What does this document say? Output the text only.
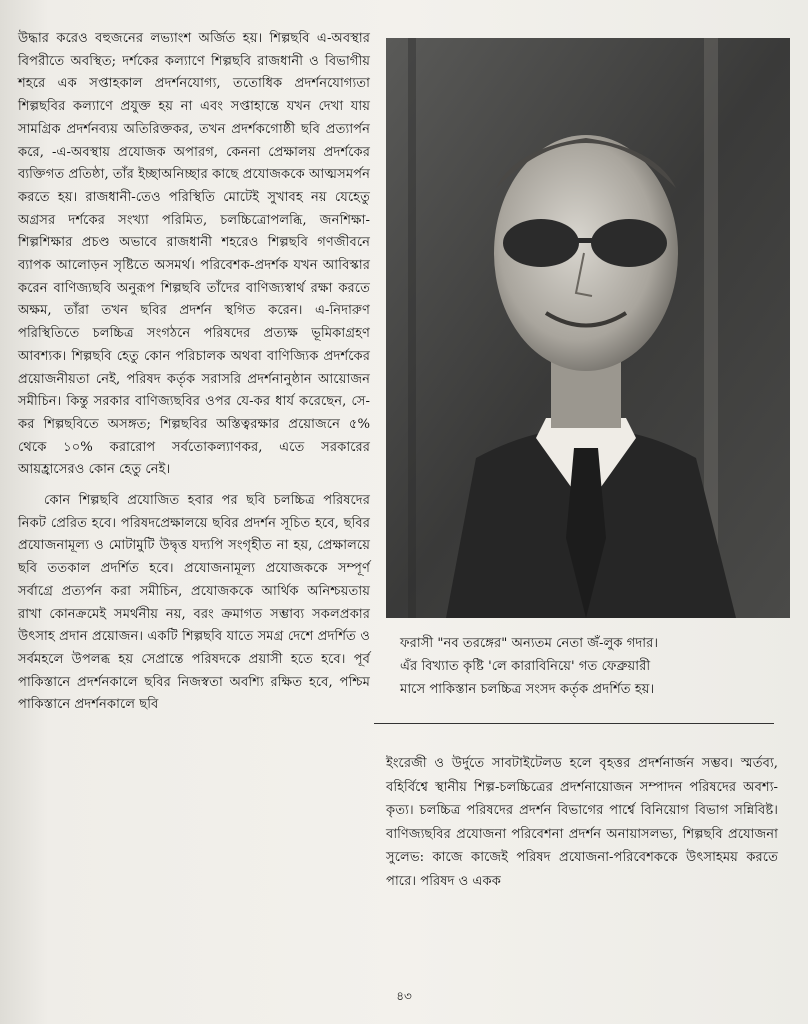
উদ্ধার করেও বহুজনের লভ্যাংশ অর্জিত হয়। শিল্পছবি এ-অবস্থার বিপরীতে অবস্থিত; দর্শকের কল্যাণে শিল্পছবি রাজধানী ও বিভাগীয় শহরে এক সপ্তাহকাল প্রদর্শনযোগ্য, ততোধিক প্রদর্শনযোগ্যতা শিল্পছবির কল্যাণে প্রযুক্ত হয় না এবং সপ্তাহান্তে যখন দেখা যায় সামগ্রিক প্রদর্শনব্যয় অতিরিক্তকর, তখন প্রদর্শকগোষ্ঠী ছবি প্রত্যার্পন করে, -এ-অবস্থায় প্রযোজক অপারগ, কেননা প্রেক্ষালয় প্রদর্শকের ব্যক্তিগত প্রতিষ্ঠা, তাঁর ইচ্ছাঅনিচ্ছার কাছে প্রযোজককে আত্মসমর্পন করতে হয়। রাজধানী-তেও পরিস্থিতি মোটেই সুখাবহ নয় যেহেতু অগ্রসর দর্শকের সংখ্যা পরিমিত, চলচ্চিত্রোপলব্ধি, জনশিক্ষা-শিল্পশিক্ষার প্রচণ্ড অভাবে রাজধানী শহরেও শিল্পছবি গণজীবনে ব্যাপক আলোড়ন সৃষ্টিতে অসমর্থ। পরিবেশক-প্রদর্শক যখন আবিস্কার করেন বাণিজ্যছবি অনুরূপ শিল্পছবি তাঁদের বাণিজ্যস্বার্থ রক্ষা করতে অক্ষম, তাঁরা তখন ছবির প্রদর্শন স্থগিত করেন। এ-নিদারুণ পরিস্থিতিতে চলচ্চিত্র সংগঠনে পরিষদের প্রত্যক্ষ ভূমিকাগ্রহণ আবশ্যক। শিল্পছবি হেতু কোন পরিচালক অথবা বাণিজ্যিক প্রদর্শকের প্রয়োজনীয়তা নেই, পরিষদ কর্তৃক সরাসরি প্রদর্শনানুষ্ঠান আয়োজন সমীচিন। কিন্তু সরকার বাণিজ্যছবির ওপর যে-কর ধার্য করেছেন, সে-কর শিল্পছবিতে অসঙ্গত; শিল্পছবির অস্তিত্বরক্ষার প্রয়োজনে ৫% থেকে ১০% করারোপ সর্বতোকল্যাণকর, এতে সরকারের আয়হ্রাসেরও কোন হেতু নেই।

কোন শিল্পছবি প্রযোজিত হবার পর ছবি চলচ্চিত্র পরিষদের নিকট প্রেরিত হবে। পরিষদপ্রেক্ষালয়ে ছবির প্রদর্শন সূচিত হবে, ছবির প্রযোজনামূল্য ও মোটামুটি উদ্বৃত্ত যদ্যপি সংগৃহীত না হয়, প্রেক্ষালয়ে ছবি ততকাল প্রদর্শিত হবে। প্রযোজনামূল্য প্রযোজককে সম্পূর্ণ সর্বাগ্রে প্রত্যর্পন করা সমীচিন, প্রযোজককে আর্থিক অনিশ্চয়তায় রাখা কোনক্রমেই সমর্থনীয় নয়, বরং ক্রমাগত সম্ভাব্য সকলপ্রকার উৎসাহ প্রদান প্রয়োজন। একটি শিল্পছবি যাতে সমগ্র দেশে প্রদর্শিত ও সর্বমহলে উপলব্ধ হয় সেপ্রান্তে পরিষদকে প্রয়াসী হতে হবে। পূর্ব পাকিস্তানে প্রদর্শনকালে ছবির নিজস্বতা অবশ্যি রক্ষিত হবে, পশ্চিম পাকিস্তানে প্রদর্শনকালে ছবি

ফরাসী "নব তরঙ্গের" অন্যতম নেতা জঁ-লুক গদার।

এঁর বিখ্যাত কৃষ্টি 'লে কারাবিনিয়ে' গত ফেব্রুয়ারী

মাসে পাকিস্তান চলচ্চিত্র সংসদ কর্তৃক প্রদর্শিত হয়।

ইংরেজী ও উর্দুতে সাবটাইটেলড হলে বৃহত্তর প্রদর্শনার্জন সম্ভব। স্মর্তব্য, বহির্বিশ্বে স্থানীয় শিল্প-চলচ্চিত্রের প্রদর্শনায়োজন সম্পাদন পরিষদের অবশ্য-কৃত্য। চলচ্চিত্র পরিষদের প্রদর্শন বিভাগের পার্শ্বে বিনিয়োগ বিভাগ সন্নিবিষ্ট। বাণিজ্যছবির প্রযোজনা পরিবেশনা প্রদর্শন অনায়াসলভ্য, শিল্পছবি প্রযোজনা সুলেভ: কাজে কাজেই পরিষদ প্রযোজনা-পরিবেশককে উৎসাহময় করতে পারে। পরিষদ ও একক

৪৩
